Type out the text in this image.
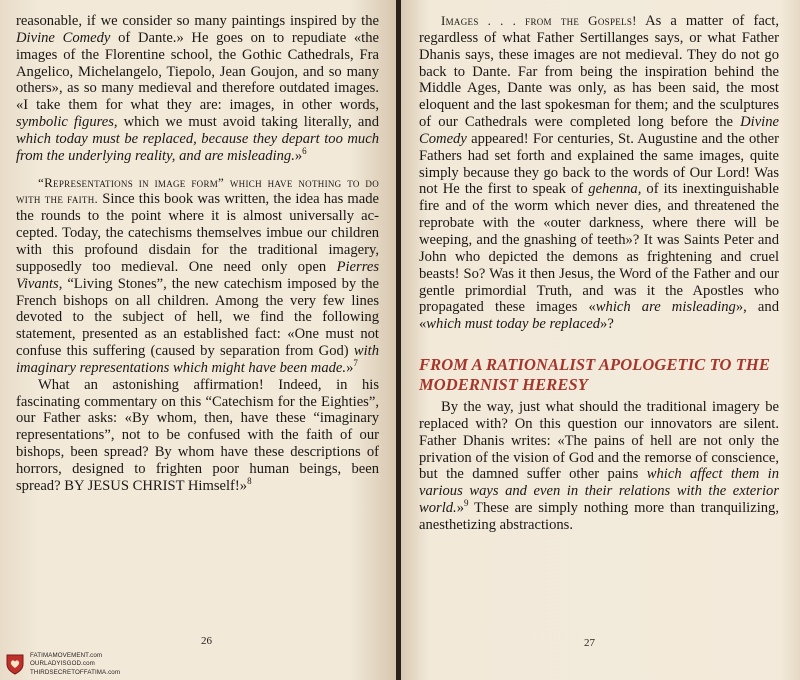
reasonable, if we consider so many paintings inspired by the Divine Comedy of Dante.» He goes on to repudiate «the images of the Florentine school, the Gothic Cathedrals, Fra Angelico, Michelangelo, Tiepolo, Jean Goujon, and so many others», as so many medieval and therefore outdated images. «I take them for what they are: images, in other words, symbolic figures, which we must avoid taking literally, and which today must be replaced, because they depart too much from the underlying reality, and are misleading.»$^6$

“Representations in image form” which have nothing to do with the faith. Since this book was written, the idea has made the rounds to the point where it is almost universally accepted. Today, the catechisms themselves imbue our children with this profound disdain for the traditional imagery, supposedly too medieval. One need only open Pierres Vivants, “Living Stones”, the new catechism imposed by the French bishops on all children. Among the very few lines devoted to the subject of hell, we find the following statement, presented as an established fact: «One must not confuse this suffering (caused by separation from God) with imaginary representations which might have been made.»$^7$

What an astonishing affirmation! Indeed, in his fascinating commentary on this “Catechism for the Eighties”, our Father asks: «By whom, then, have these “imaginary representations”, not to be confused with the faith of our bishops, been spread? By whom have these descriptions of horrors, designed to frighten poor human beings, been spread? BY JESUS CHRIST Himself!»$^8$

26

Images . . . from the Gospels! As a matter of fact, regardless of what Father Sertillanges says, or what Father Dhanis says, these images are not medieval. They do not go back to Dante. Far from being the inspiration behind the Middle Ages, Dante was only, as has been said, the most eloquent and the last spokesman for them; and the sculptures of our Cathedrals were completed long before the Divine Comedy appeared! For centuries, St. Augustine and the other Fathers had set forth and explained the same images, quite simply because they go back to the words of Our Lord! Was not He the first to speak of gehenna, of its inextinguishable fire and of the worm which never dies, and threatened the reprobate with the «outer darkness, where there will be weeping, and the gnashing of teeth»? It was Saints Peter and John who depicted the demons as frightening and cruel beasts! So? Was it then Jesus, the Word of the Father and our gentle primordial Truth, and was it the Apostles who propagated these images «which are misleading», and «which must today be replaced»?

FROM A RATIONALIST APOLOGETIC TO THE MODERNIST HERESY

By the way, just what should the traditional imagery be replaced with? On this question our innovators are silent. Father Dhanis writes: «The pains of hell are not only the privation of the vision of God and the remorse of conscience, but the damned suffer other pains which affect them in various ways and even in their relations with the exterior world.»$^9$ These are simply nothing more than tranquilizing, anesthetizing abstractions.

27
FATIMAMOVEMENT.com
OURLADYISGOD.com
THIRDSECRETOFFATIMA.com
